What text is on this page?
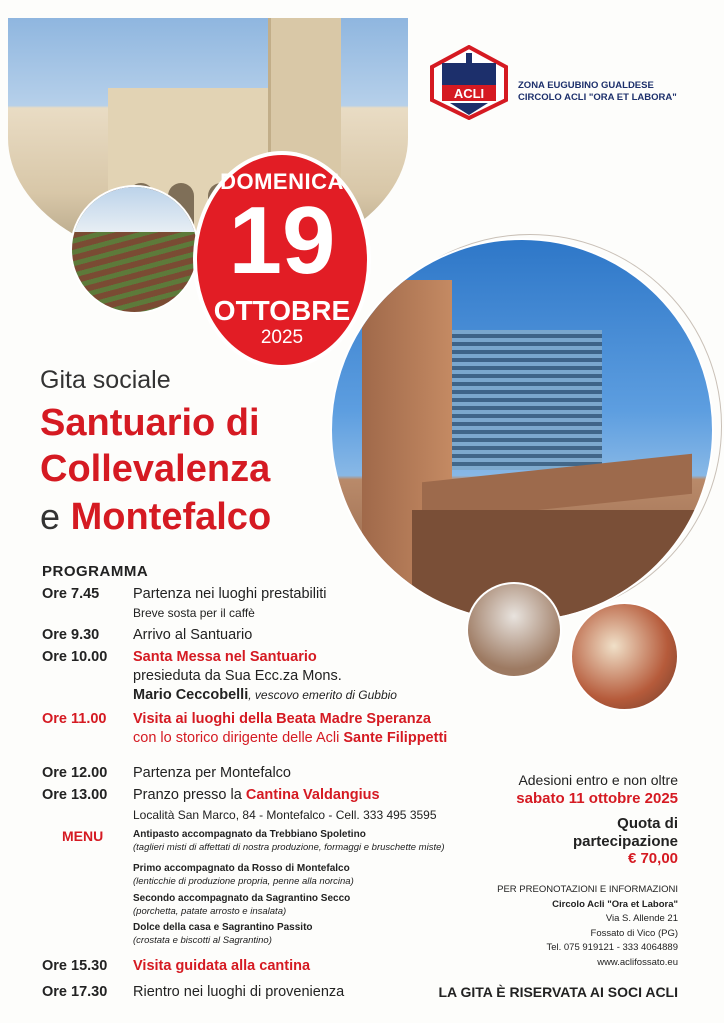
ACLI
ZONA EUGUBINO GUALDESE
CIRCOLO ACLI "ORA ET LABORA"
DOMENICA
19
OTTOBRE
2025
Gita sociale
Santuario di
Collevalenza
e Montefalco
PROGRAMMA
Ore 7.45	Partenza nei luoghi prestabiliti
Breve sosta per il caffè
Ore 9.30	Arrivo al Santuario
Ore 10.00	Santa Messa nel Santuario
presieduta da Sua Ecc.za Mons.
Mario Ceccobelli, vescovo emerito di Gubbio
Ore 11.00	Visita ai luoghi della Beata Madre Speranza
con lo storico dirigente delle Acli Sante Filippetti
Ore 12.00	Partenza per Montefalco
Ore 13.00	Pranzo presso la Cantina Valdangius
Località San Marco, 84 - Montefalco - Cell. 333 495 3595
MENU	Antipasto accompagnato da Trebbiano Spoletino
(taglieri misti di affettati di nostra produzione, formaggi e bruschette miste)
Primo accompagnato da Rosso di Montefalco
(lenticchie di produzione propria, penne alla norcina)
Secondo accompagnato da Sagrantino Secco
(porchetta, patate arrosto e insalata)
Dolce della casa e Sagrantino Passito
(crostata e biscotti al Sagrantino)
Ore 15.30	Visita guidata alla cantina
Ore 17.30	Rientro nei luoghi di provenienza
Adesioni entro e non oltre
sabato 11 ottobre 2025
Quota di
partecipazione
€ 70,00
PER PREONOTAZIONI E INFORMAZIONI
Circolo Acli "Ora et Labora"
Via S. Allende 21
Fossato di Vico (PG)
Tel. 075 919121 - 333 4064889
www.aclifossato.eu
LA GITA È RISERVATA AI SOCI ACLI
